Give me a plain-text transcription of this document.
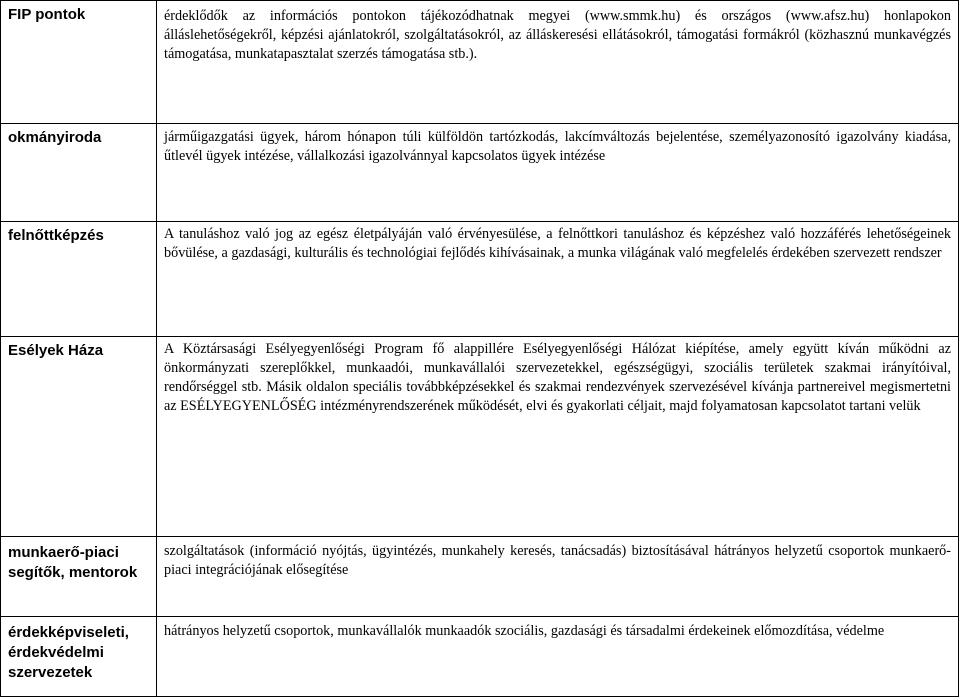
FIP pontok	érdeklődők az információs pontokon tájékozódhatnak megyei (www.smmk.hu) és országos (www.afsz.hu) honlapokon álláslehetőségekről, képzési ajánlatokról, szolgáltatásokról, az álláskeresési ellátásokról, támogatási formákról (közhasznú munkavégzés támogatása, munkatapasztalat szerzés támogatása stb.).

okmányiroda	járműigazgatási ügyek, három hónapon túli külföldön tartózkodás, lakcímváltozás bejelentése, személyazonosító igazolvány kiadása, űtlevél ügyek intézése, vállalkozási igazolvánnyal kapcsolatos ügyek intézése

felnőttképzés	A tanuláshoz való jog az egész életpályáján való érvényesülése, a felnőttkori tanuláshoz és képzéshez való hozzáférés lehetőségeinek bővülése, a gazdasági, kulturális és technológiai fejlődés kihívásainak, a munka világának való megfelelés érdekében szervezett rendszer

Esélyek Háza	A Köztársasági Esélyegyenlőségi Program fő alappillére Esélyegyenlőségi Hálózat kiépítése, amely együtt kíván működni az önkormányzati szereplőkkel, munkaadói, munkavállalói szervezetekkel, egészségügyi, szociális területek szakmai irányítóival, rendőrséggel stb. Másik oldalon speciális továbbképzésekkel és szakmai rendezvények szervezésével kívánja partnereivel megismertetni az ESÉLYEGYENLŐSÉG intézményrendszerének működését, elvi és gyakorlati céljait, majd folyamatosan kapcsolatot tartani velük

munkaerő-piaci
segítők, mentorok	szolgáltatások (információ nyójtás, ügyintézés, munkahely keresés, tanácsadás) biztosításával hátrányos helyzetű csoportok munkaerő-piaci integrációjának elősegítése

érdekképviseleti,
érdekvédelmi
szervezetek	hátrányos helyzetű csoportok, munkavállalók munkaadók szociális, gazdasági és társadalmi érdekeinek előmozdítása, védelme
